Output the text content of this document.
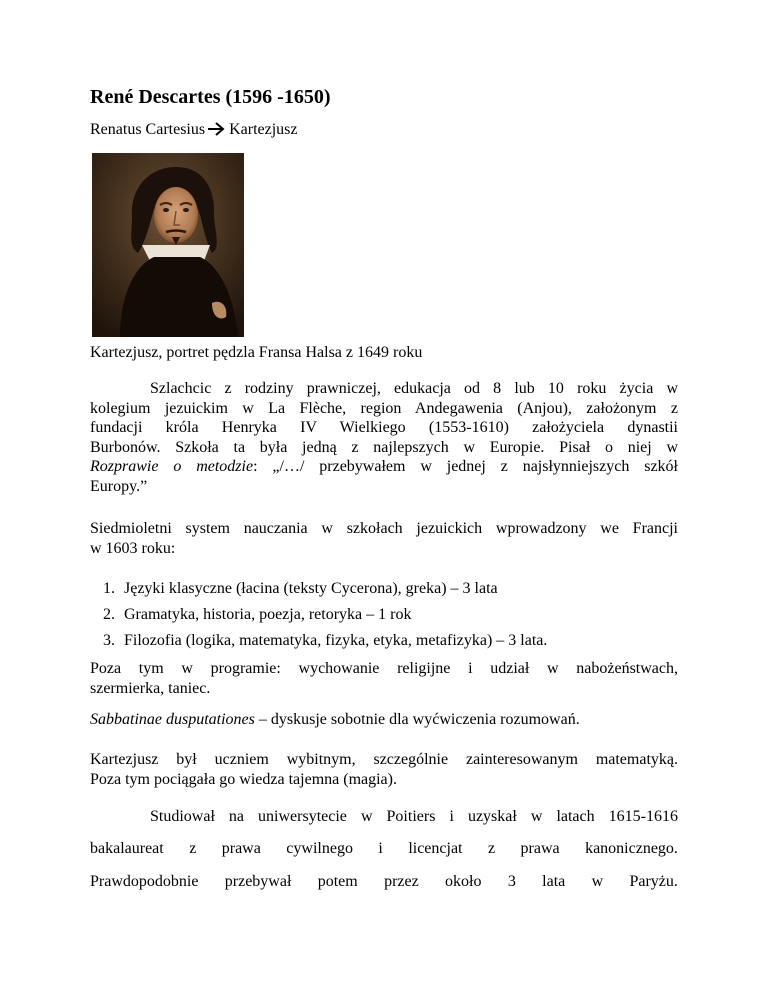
René Descartes (1596 -1650)
Renatus Cartesius Kartezjusz
Kartezjusz, portret pędzla Fransa Halsa z 1649 roku
Szlachcic z rodziny prawniczej, edukacja od 8 lub 10 roku życia w
kolegium jezuickim w La Flèche, region Andegawenia (Anjou), założonym z
fundacji króla Henryka IV Wielkiego (1553-1610) założyciela dynastii
Burbonów. Szkoła ta była jedną z najlepszych w Europie. Pisał o niej w
Rozprawie o metodzie: „/…/ przebywałem w jednej z najsłynniejszych szkół
Europy.”
Siedmioletni system nauczania w szkołach jezuickich wprowadzony we Francji
w 1603 roku:
1. Języki klasyczne (łacina (teksty Cycerona), greka) – 3 lata
2. Gramatyka, historia, poezja, retoryka – 1 rok
3. Filozofia (logika, matematyka, fizyka, etyka, metafizyka) – 3 lata.
Poza tym w programie: wychowanie religijne i udział w nabożeństwach,
szermierka, taniec.
Sabbatinae dusputationes – dyskusje sobotnie dla wyćwiczenia rozumowań.
Kartezjusz był uczniem wybitnym, szczególnie zainteresowanym matematyką.
Poza tym pociągała go wiedza tajemna (magia).
Studiował na uniwersytecie w Poitiers i uzyskał w latach 1615-1616
bakalaureat z prawa cywilnego i licencjat z prawa kanonicznego.
Prawdopodobnie przebywał potem przez około 3 lata w Paryżu.
